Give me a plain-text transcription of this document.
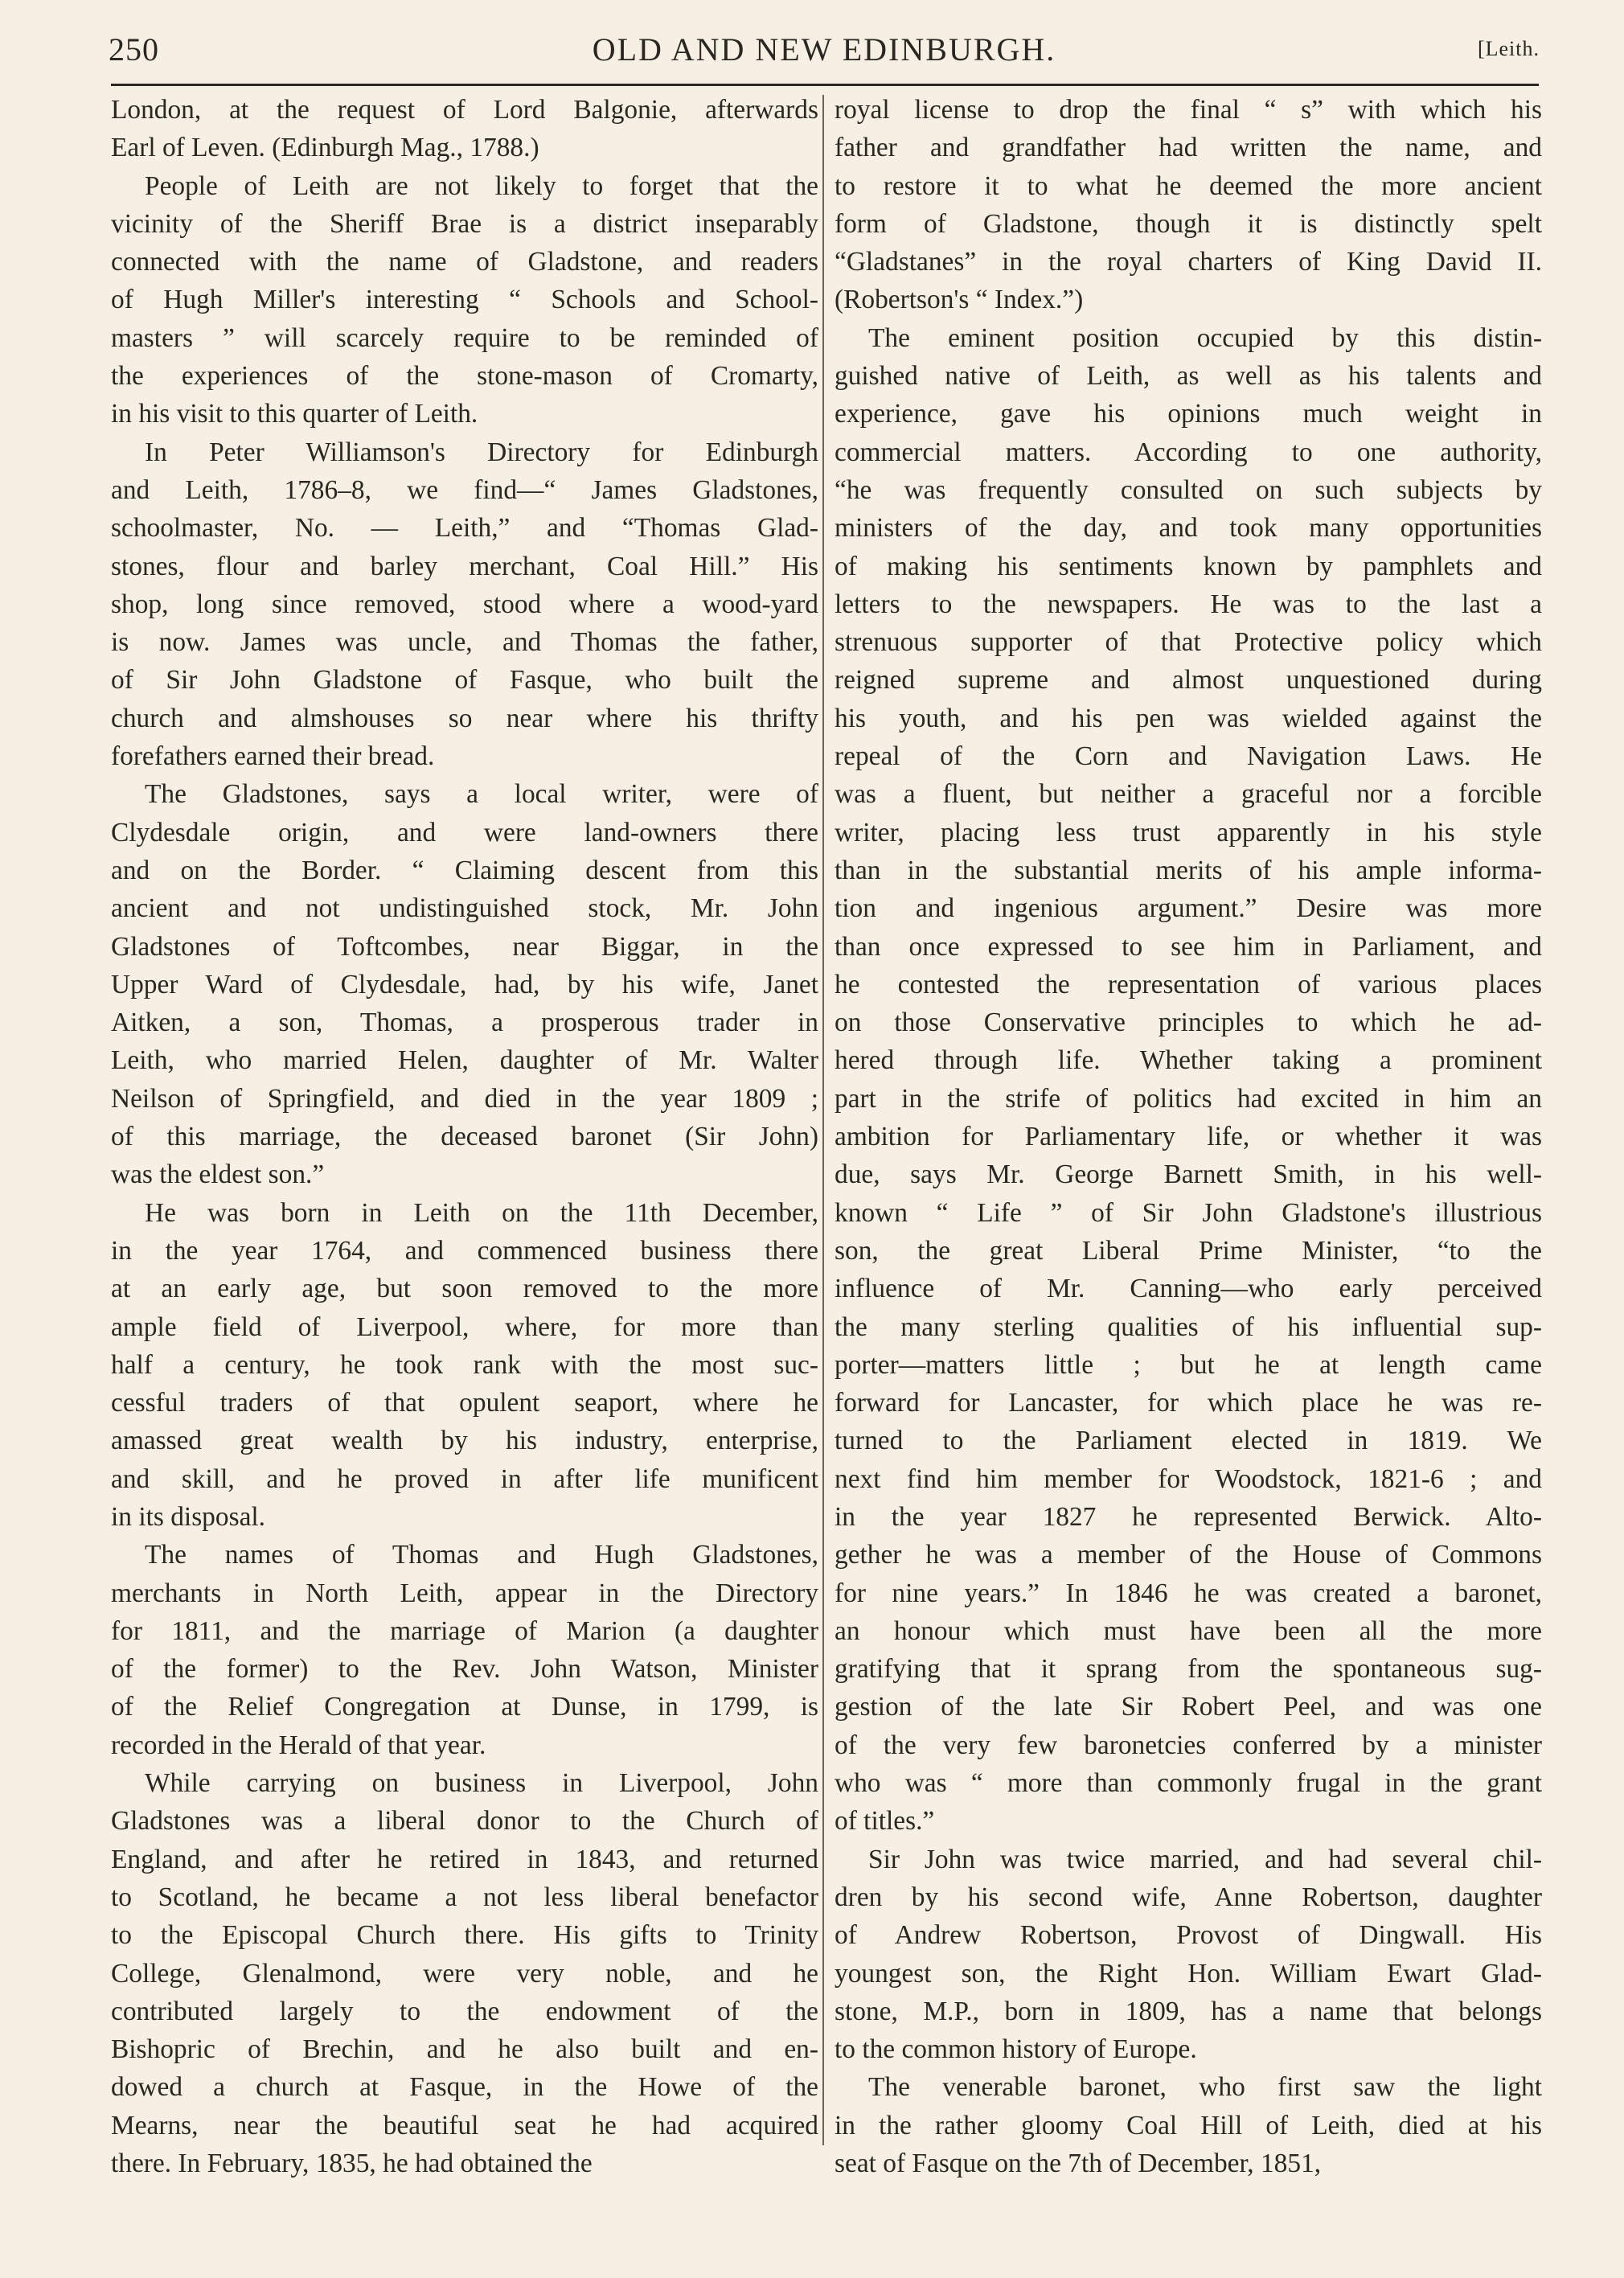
250	OLD AND NEW EDINBURGH.	[Leith.
London, at the request of Lord Balgonie, afterwards
Earl of Leven. (Edinburgh Mag., 1788.)
People of Leith are not likely to forget that the
vicinity of the Sheriff Brae is a district inseparably
connected with the name of Gladstone, and readers
of Hugh Miller's interesting “ Schools and School-
masters ” will scarcely require to be reminded of
the experiences of the stone-mason of Cromarty,
in his visit to this quarter of Leith.
In Peter Williamson's Directory for Edinburgh
and Leith, 1786–8, we find—“ James Gladstones,
schoolmaster, No. — Leith,” and “Thomas Glad-
stones, flour and barley merchant, Coal Hill.” His
shop, long since removed, stood where a wood-yard
is now. James was uncle, and Thomas the father,
of Sir John Gladstone of Fasque, who built the
church and almshouses so near where his thrifty
forefathers earned their bread.
The Gladstones, says a local writer, were of
Clydesdale origin, and were land-owners there
and on the Border. “ Claiming descent from this
ancient and not undistinguished stock, Mr. John
Gladstones of Toftcombes, near Biggar, in the
Upper Ward of Clydesdale, had, by his wife, Janet
Aitken, a son, Thomas, a prosperous trader in
Leith, who married Helen, daughter of Mr. Walter
Neilson of Springfield, and died in the year 1809 ;
of this marriage, the deceased baronet (Sir John)
was the eldest son.”
He was born in Leith on the 11th December,
in the year 1764, and commenced business there
at an early age, but soon removed to the more
ample field of Liverpool, where, for more than
half a century, he took rank with the most suc-
cessful traders of that opulent seaport, where he
amassed great wealth by his industry, enterprise,
and skill, and he proved in after life munificent
in its disposal.
The names of Thomas and Hugh Gladstones,
merchants in North Leith, appear in the Directory
for 1811, and the marriage of Marion (a daughter
of the former) to the Rev. John Watson, Minister
of the Relief Congregation at Dunse, in 1799, is
recorded in the Herald of that year.
While carrying on business in Liverpool, John
Gladstones was a liberal donor to the Church of
England, and after he retired in 1843, and returned
to Scotland, he became a not less liberal benefactor
to the Episcopal Church there. His gifts to Trinity
College, Glenalmond, were very noble, and he
contributed largely to the endowment of the
Bishopric of Brechin, and he also built and en-
dowed a church at Fasque, in the Howe of the
Mearns, near the beautiful seat he had acquired
there. In February, 1835, he had obtained the
royal license to drop the final “ s” with which his
father and grandfather had written the name, and
to restore it to what he deemed the more ancient
form of Gladstone, though it is distinctly spelt
“Gladstanes” in the royal charters of King David II.
(Robertson's “ Index.”)
The eminent position occupied by this distin-
guished native of Leith, as well as his talents and
experience, gave his opinions much weight in
commercial matters. According to one authority,
“he was frequently consulted on such subjects by
ministers of the day, and took many opportunities
of making his sentiments known by pamphlets and
letters to the newspapers. He was to the last a
strenuous supporter of that Protective policy which
reigned supreme and almost unquestioned during
his youth, and his pen was wielded against the
repeal of the Corn and Navigation Laws. He
was a fluent, but neither a graceful nor a forcible
writer, placing less trust apparently in his style
than in the substantial merits of his ample informa-
tion and ingenious argument.” Desire was more
than once expressed to see him in Parliament, and
he contested the representation of various places
on those Conservative principles to which he ad-
hered through life. Whether taking a prominent
part in the strife of politics had excited in him an
ambition for Parliamentary life, or whether it was
due, says Mr. George Barnett Smith, in his well-
known “ Life ” of Sir John Gladstone's illustrious
son, the great Liberal Prime Minister, “to the
influence of Mr. Canning—who early perceived
the many sterling qualities of his influential sup-
porter—matters little ; but he at length came
forward for Lancaster, for which place he was re-
turned to the Parliament elected in 1819. We
next find him member for Woodstock, 1821-6 ; and
in the year 1827 he represented Berwick. Alto-
gether he was a member of the House of Commons
for nine years.” In 1846 he was created a baronet,
an honour which must have been all the more
gratifying that it sprang from the spontaneous sug-
gestion of the late Sir Robert Peel, and was one
of the very few baronetcies conferred by a minister
who was “ more than commonly frugal in the grant
of titles.”
Sir John was twice married, and had several chil-
dren by his second wife, Anne Robertson, daughter
of Andrew Robertson, Provost of Dingwall. His
youngest son, the Right Hon. William Ewart Glad-
stone, M.P., born in 1809, has a name that belongs
to the common history of Europe.
The venerable baronet, who first saw the light
in the rather gloomy Coal Hill of Leith, died at his
seat of Fasque on the 7th of December, 1851,
